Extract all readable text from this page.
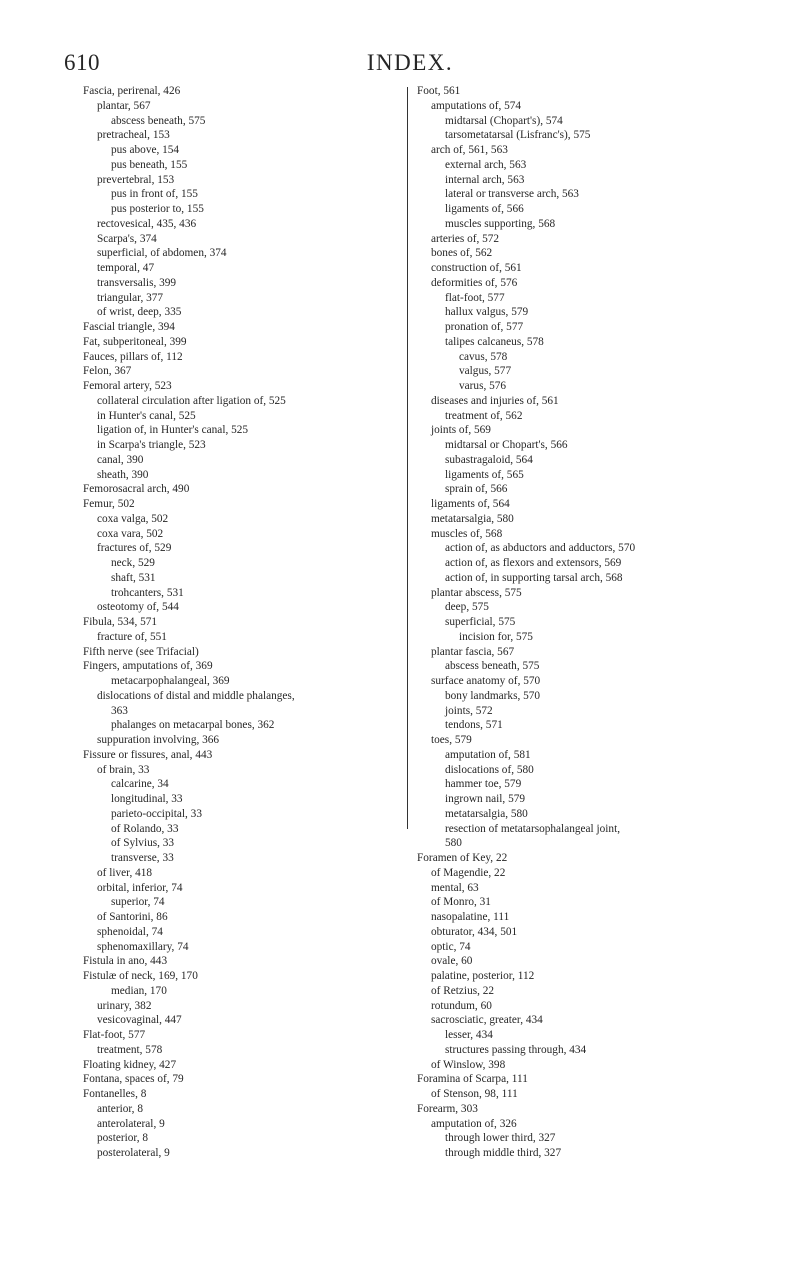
610	INDEX.
Fascia, perirenal, 426
plantar, 567
abscess beneath, 575
pretracheal, 153
pus above, 154
pus beneath, 155
prevertebral, 153
pus in front of, 155
pus posterior to, 155
rectovesical, 435, 436
Scarpa's, 374
superficial, of abdomen, 374
temporal, 47
transversalis, 399
triangular, 377
of wrist, deep, 335
Fascial triangle, 394
Fat, subperitoneal, 399
Fauces, pillars of, 112
Felon, 367
Femoral artery, 523
collateral circulation after ligation of, 525
in Hunter's canal, 525
ligation of, in Hunter's canal, 525
in Scarpa's triangle, 523
canal, 390
sheath, 390
Femorosacral arch, 490
Femur, 502
coxa valga, 502
coxa vara, 502
fractures of, 529
neck, 529
shaft, 531
trohcanters, 531
osteotomy of, 544
Fibula, 534, 571
fracture of, 551
Fifth nerve (see Trifacial)
Fingers, amputations of, 369
metacarpophalangeal, 369
dislocations of distal and middle phalanges,
363
phalanges on metacarpal bones, 362
suppuration involving, 366
Fissure or fissures, anal, 443
of brain, 33
calcarine, 34
longitudinal, 33
parieto-occipital, 33
of Rolando, 33
of Sylvius, 33
transverse, 33
of liver, 418
orbital, inferior, 74
superior, 74
of Santorini, 86
sphenoidal, 74
sphenomaxillary, 74
Fistula in ano, 443
Fistulæ of neck, 169, 170
median, 170
urinary, 382
vesicovaginal, 447
Flat-foot, 577
treatment, 578
Floating kidney, 427
Fontana, spaces of, 79
Fontanelles, 8
anterior, 8
anterolateral, 9
posterior, 8
posterolateral, 9
Foot, 561
amputations of, 574
midtarsal (Chopart's), 574
tarsometatarsal (Lisfranc's), 575
arch of, 561, 563
external arch, 563
internal arch, 563
lateral or transverse arch, 563
ligaments of, 566
muscles supporting, 568
arteries of, 572
bones of, 562
construction of, 561
deformities of, 576
flat-foot, 577
hallux valgus, 579
pronation of, 577
talipes calcaneus, 578
cavus, 578
valgus, 577
varus, 576
diseases and injuries of, 561
treatment of, 562
joints of, 569
midtarsal or Chopart's, 566
subastragaloid, 564
ligaments of, 565
sprain of, 566
ligaments of, 564
metatarsalgia, 580
muscles of, 568
action of, as abductors and adductors, 570
action of, as flexors and extensors, 569
action of, in supporting tarsal arch, 568
plantar abscess, 575
deep, 575
superficial, 575
incision for, 575
plantar fascia, 567
abscess beneath, 575
surface anatomy of, 570
bony landmarks, 570
joints, 572
tendons, 571
toes, 579
amputation of, 581
dislocations of, 580
hammer toe, 579
ingrown nail, 579
metatarsalgia, 580
resection of metatarsophalangeal joint,
580
Foramen of Key, 22
of Magendie, 22
mental, 63
of Monro, 31
nasopalatine, 111
obturator, 434, 501
optic, 74
ovale, 60
palatine, posterior, 112
of Retzius, 22
rotundum, 60
sacrosciatic, greater, 434
lesser, 434
structures passing through, 434
of Winslow, 398
Foramina of Scarpa, 111
of Stenson, 98, 111
Forearm, 303
amputation of, 326
through lower third, 327
through middle third, 327
